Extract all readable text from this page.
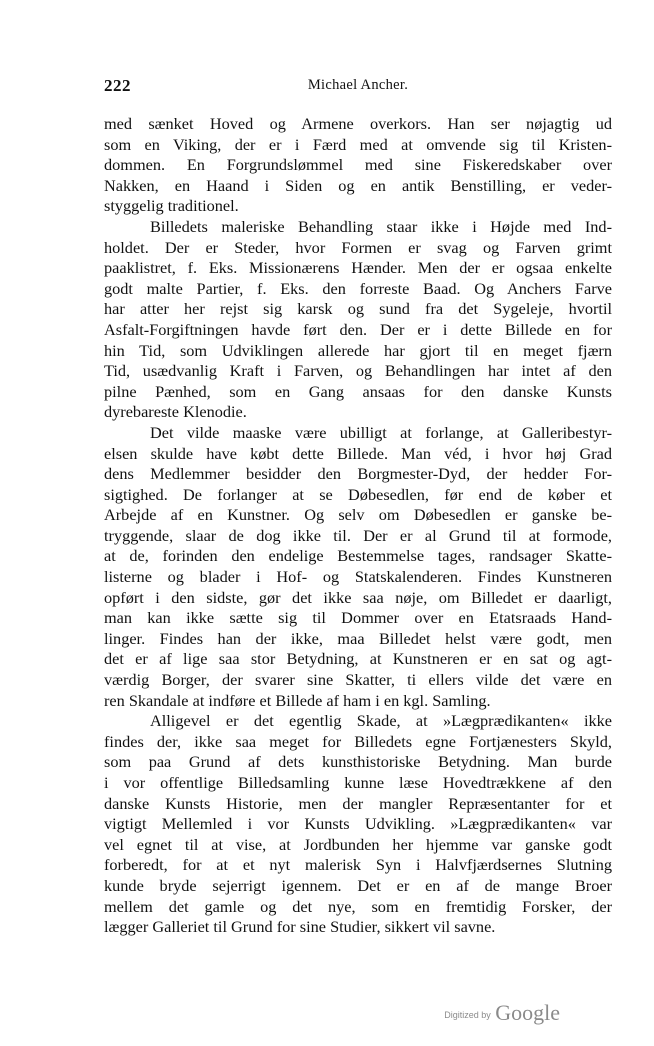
222	Michael Ancher.
med sænket Hoved og Armene overkors. Han ser nøjagtig ud
som en Viking, der er i Færd med at omvende sig til Kristen-
dommen. En Forgrundslømmel med sine Fiskeredskaber over
Nakken, en Haand i Siden og en antik Benstilling, er veder-
styggelig traditionel.
Billedets maleriske Behandling staar ikke i Højde med Ind-
holdet. Der er Steder, hvor Formen er svag og Farven grimt
paaklistret, f. Eks. Missionærens Hænder. Men der er ogsaa enkelte
godt malte Partier, f. Eks. den forreste Baad. Og Anchers Farve
har atter her rejst sig karsk og sund fra det Sygeleje, hvortil
Asfalt-Forgiftningen havde ført den. Der er i dette Billede en for
hin Tid, som Udviklingen allerede har gjort til en meget fjærn
Tid, usædvanlig Kraft i Farven, og Behandlingen har intet af den
pilne Pænhed, som en Gang ansaas for den danske Kunsts
dyrebareste Klenodie.
Det vilde maaske være ubilligt at forlange, at Galleribestyr-
elsen skulde have købt dette Billede. Man véd, i hvor høj Grad
dens Medlemmer besidder den Borgmester-Dyd, der hedder For-
sigtighed. De forlanger at se Døbesedlen, før end de køber et
Arbejde af en Kunstner. Og selv om Døbesedlen er ganske be-
tryggende, slaar de dog ikke til. Der er al Grund til at formode,
at de, forinden den endelige Bestemmelse tages, randsager Skatte-
listerne og blader i Hof- og Statskalenderen. Findes Kunstneren
opført i den sidste, gør det ikke saa nøje, om Billedet er daarligt,
man kan ikke sætte sig til Dommer over en Etatsraads Hand-
linger. Findes han der ikke, maa Billedet helst være godt, men
det er af lige saa stor Betydning, at Kunstneren er en sat og agt-
værdig Borger, der svarer sine Skatter, ti ellers vilde det være en
ren Skandale at indføre et Billede af ham i en kgl. Samling.
Alligevel er det egentlig Skade, at »Lægprædikanten« ikke
findes der, ikke saa meget for Billedets egne Fortjænesters Skyld,
som paa Grund af dets kunsthistoriske Betydning. Man burde
i vor offentlige Billedsamling kunne læse Hovedtrækkene af den
danske Kunsts Historie, men der mangler Repræsentanter for et
vigtigt Mellemled i vor Kunsts Udvikling. »Lægprædikanten« var
vel egnet til at vise, at Jordbunden her hjemme var ganske godt
forberedt, for at et nyt malerisk Syn i Halvfjærdsernes Slutning
kunde bryde sejerrigt igennem. Det er en af de mange Broer
mellem det gamle og det nye, som en fremtidig Forsker, der
lægger Galleriet til Grund for sine Studier, sikkert vil savne.
Digitized by Google
